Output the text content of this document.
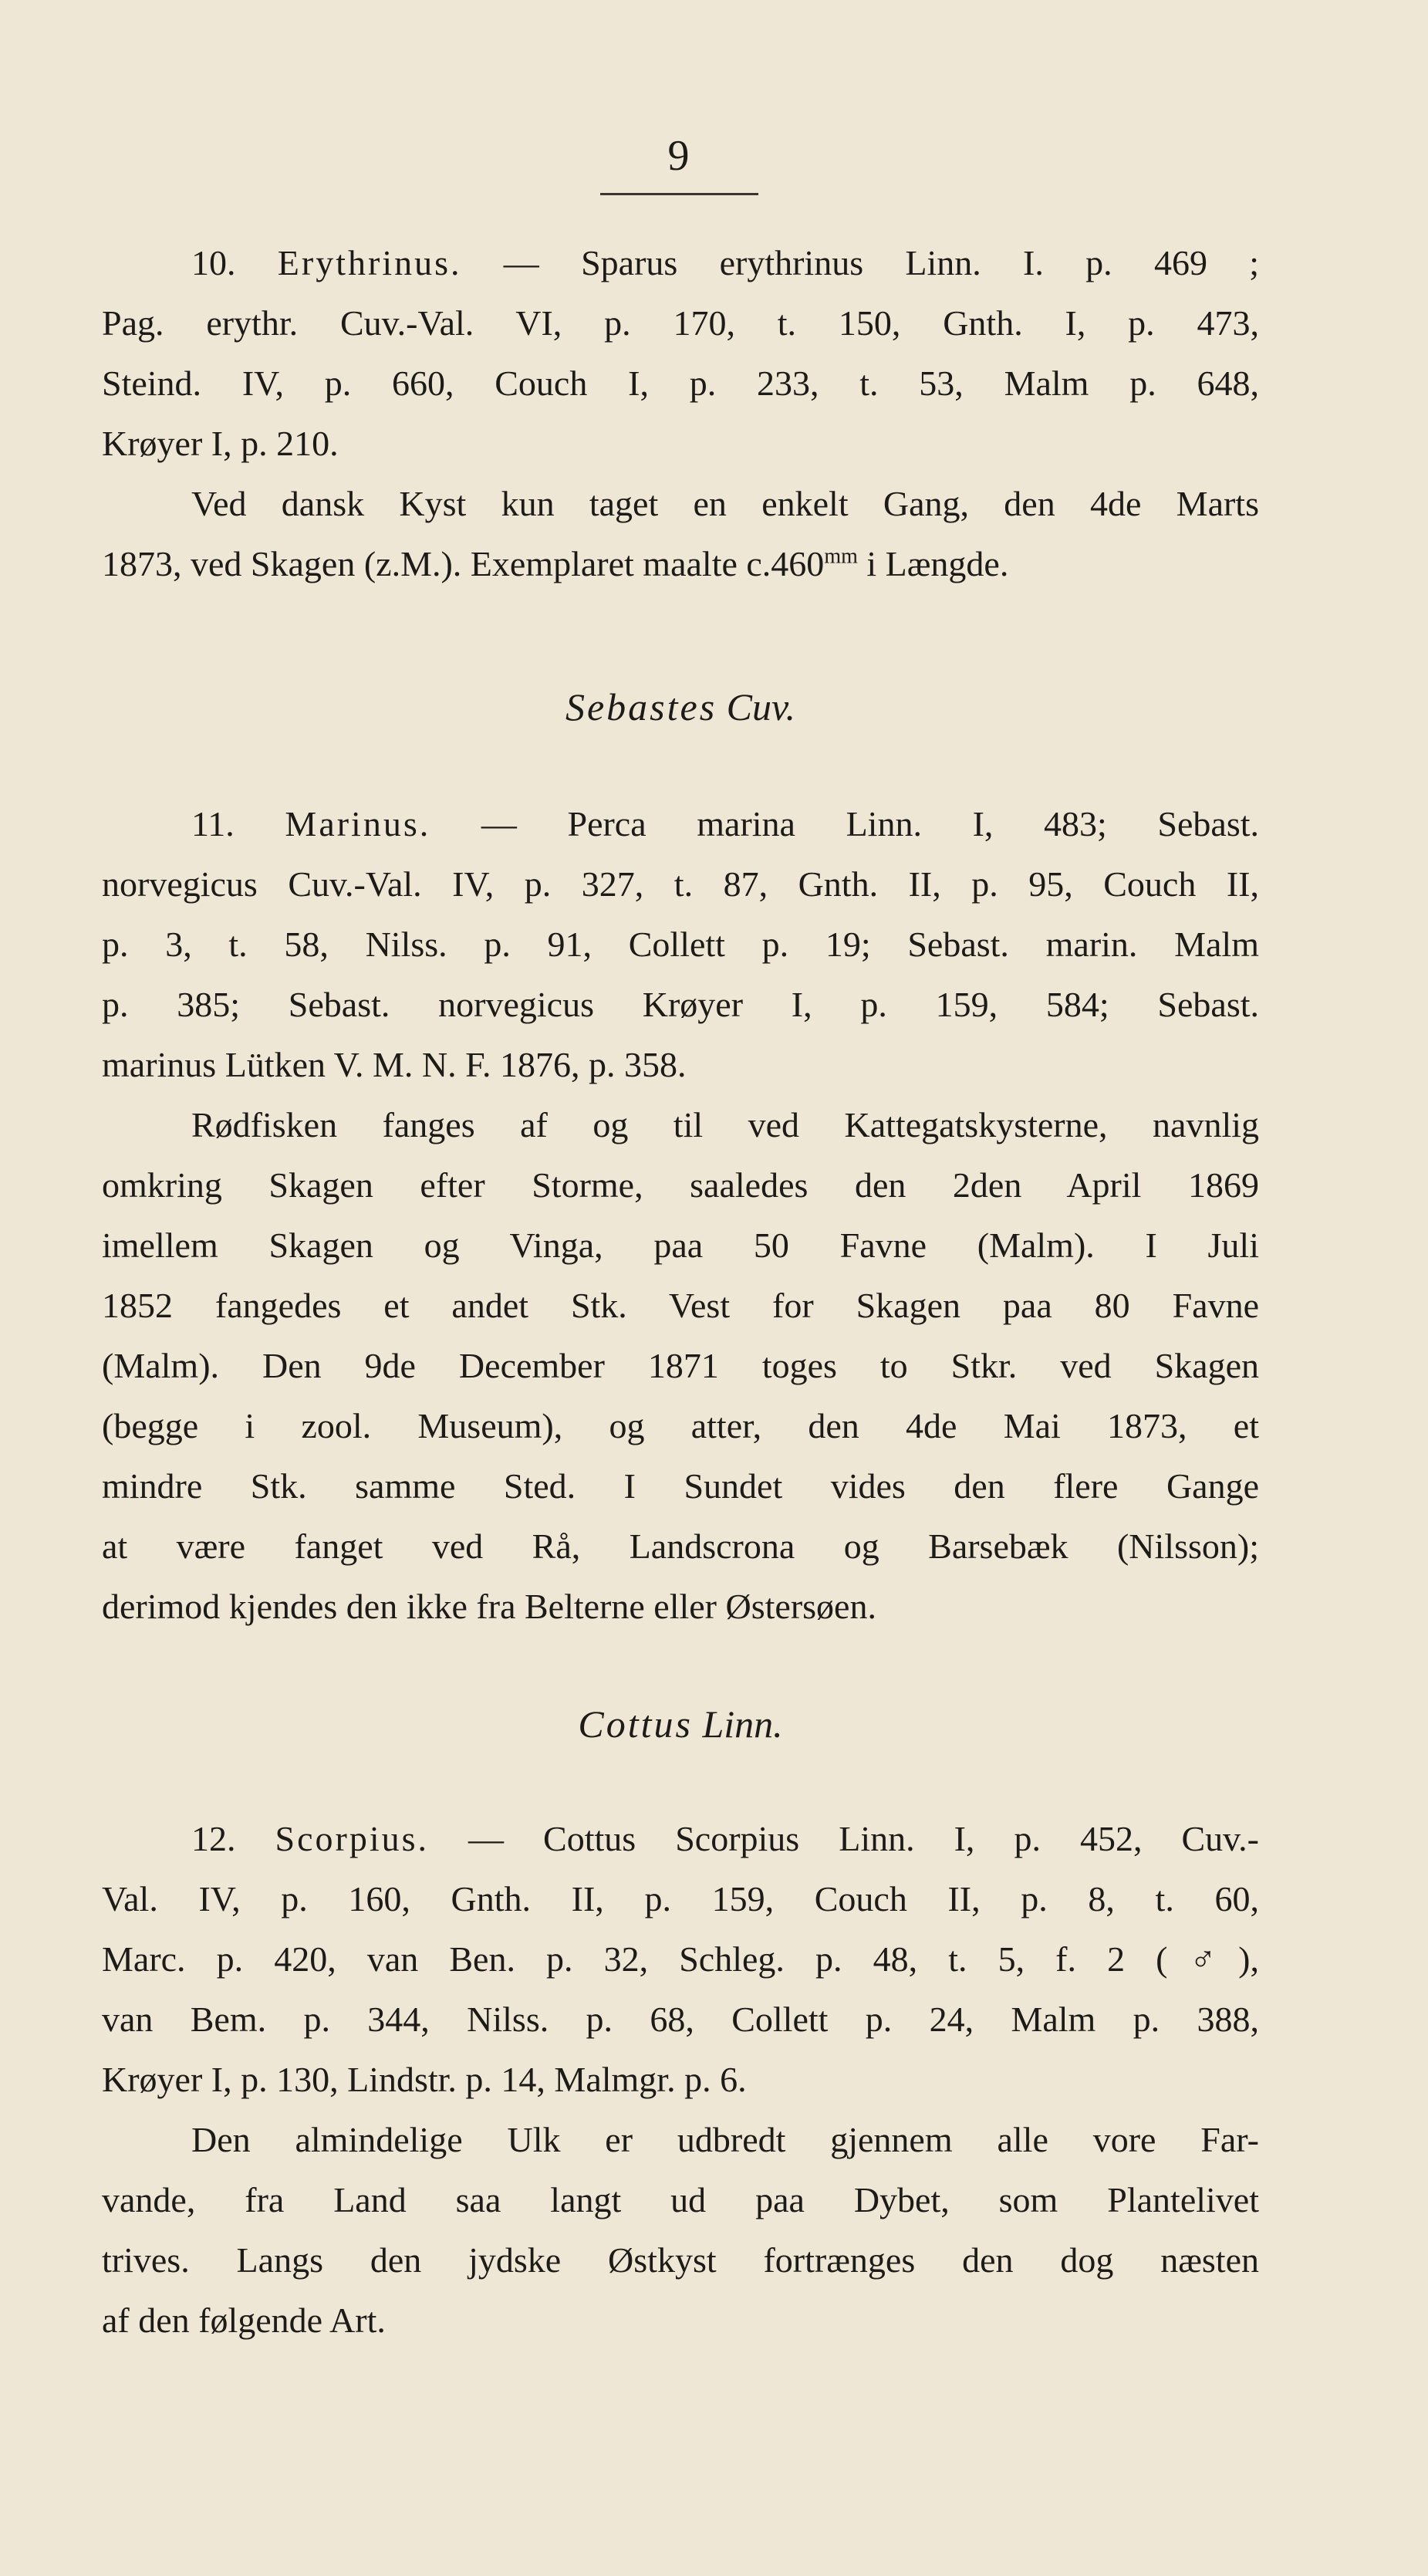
9

10. Erythrinus. — Sparus erythrinus Linn. I. p. 469 ;
Pag. erythr. Cuv.-Val. VI, p. 170, t. 150, Gnth. I, p. 473,
Steind. IV, p. 660, Couch I, p. 233, t. 53, Malm p. 648,
Krøyer I, p. 210.

Ved dansk Kyst kun taget en enkelt Gang, den 4de Marts
1873, ved Skagen (z.M.). Exemplaret maalte $c.460^{mm}$ i Længde.

Sebastes Cuv.

11. Marinus. — Perca marina Linn. I, 483; Sebast.
norvegicus Cuv.-Val. IV, p. 327, t. 87, Gnth. II, p. 95, Couch II,
p. 3, t. 58, Nilss. p. 91, Collett p. 19; Sebast. marin. Malm
p. 385; Sebast. norvegicus Krøyer I, p. 159, 584; Sebast.
marinus Lütken V. M. N. F. 1876, p. 358.

Rødfisken fanges af og til ved Kattegatskysterne, navnlig
omkring Skagen efter Storme, saaledes den 2den April 1869
imellem Skagen og Vinga, paa 50 Favne (Malm). I Juli
1852 fangedes et andet Stk. Vest for Skagen paa 80 Favne
(Malm). Den 9de December 1871 toges to Stkr. ved Skagen
(begge i zool. Museum), og atter, den 4de Mai 1873, et
mindre Stk. samme Sted. I Sundet vides den flere Gange
at være fanget ved Rå, Landscrona og Barsebæk (Nilsson);
derimod kjendes den ikke fra Belterne eller Østersøen.

Cottus Linn.

12. Scorpius. — Cottus Scorpius Linn. I, p. 452, Cuv.-
Val. IV, p. 160, Gnth. II, p. 159, Couch II, p. 8, t. 60,
Marc. p. 420, van Ben. p. 32, Schleg. p. 48, t. 5, f. 2 (♂),
van Bem. p. 344, Nilss. p. 68, Collett p. 24, Malm p. 388,
Krøyer I, p. 130, Lindstr. p. 14, Malmgr. p. 6.

Den almindelige Ulk er udbredt gjennem alle vore Far-
vande, fra Land saa langt ud paa Dybet, som Plantelivet
trives. Langs den jydske Østkyst fortrænges den dog næsten
af den følgende Art.
